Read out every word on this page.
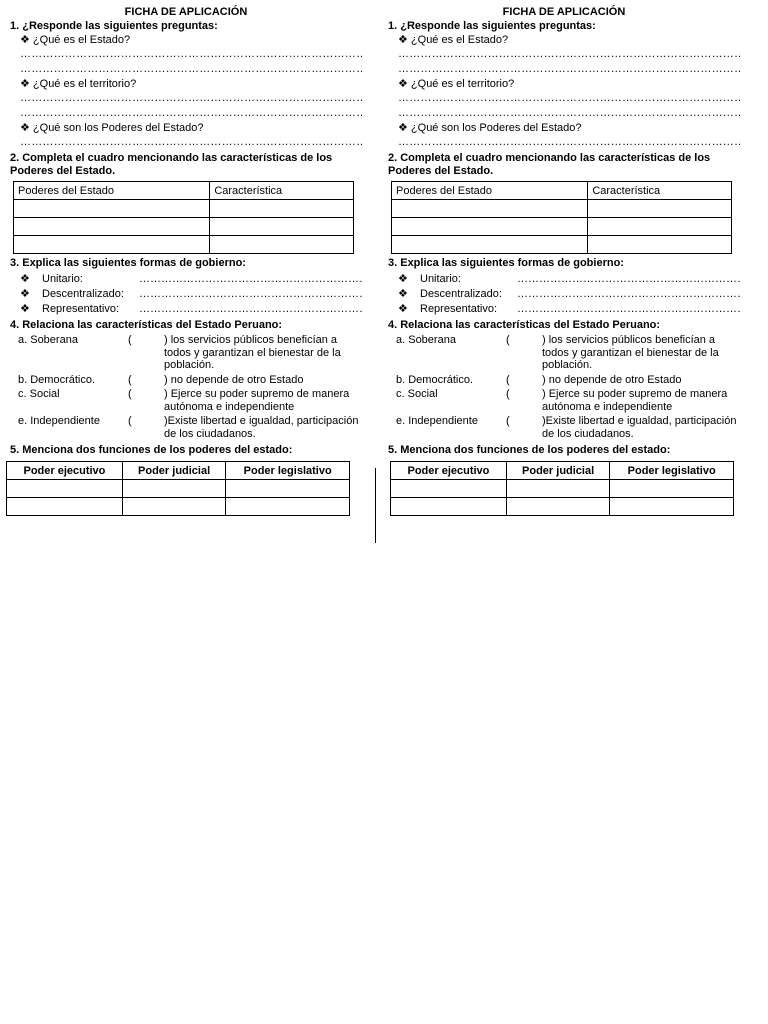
FICHA DE APLICACIÓN
1. ¿Responde las siguientes preguntas:
❖ ¿Qué es el Estado?
……………………………………………………………………………………………………………………
……………………………………………………………………………………………………………………
❖ ¿Qué es el territorio?
……………………………………………………………………………………………………………………
……………………………………………………………………………………………………………………
❖ ¿Qué son los Poderes del Estado?
……………………………………………………………………………………………………………………
2. Completa el cuadro mencionando las características de los Poderes del Estado.
Poderes del Estado	Característica

3. Explica las siguientes formas de gobierno:
❖	Unitario:
………………………………………………………………………………………………
❖	Descentralizado:
………………………………………………………………………………………………
❖	Representativo:
………………………………………………………………………………………………
4. Relaciona las características del Estado Peruano:
a. Soberana	(	) los servicios públicos beneficían a todos y garantizan el bienestar de la población.
b. Democrático.	(	) no depende de otro Estado
c. Social	(	) Ejerce su poder supremo de manera autónoma e independiente
e. Independiente	(	)Existe libertad e igualdad, participación de los ciudadanos.
5. Menciona dos funciones de los poderes del estado:
Poder ejecutivo	Poder judicial	Poder legislativo

FICHA DE APLICACIÓN
1. ¿Responde las siguientes preguntas:
❖ ¿Qué es el Estado?
……………………………………………………………………………………………………………………
……………………………………………………………………………………………………………………
❖ ¿Qué es el territorio?
……………………………………………………………………………………………………………………
……………………………………………………………………………………………………………………
❖ ¿Qué son los Poderes del Estado?
……………………………………………………………………………………………………………………
2. Completa el cuadro mencionando las características de los Poderes del Estado.
Poderes del Estado	Característica

3. Explica las siguientes formas de gobierno:
❖	Unitario:
………………………………………………………………………………………………
❖	Descentralizado:
………………………………………………………………………………………………
❖	Representativo:
………………………………………………………………………………………………
4. Relaciona las características del Estado Peruano:
a. Soberana	(	) los servicios públicos beneficían a todos y garantizan el bienestar de la población.
b. Democrático.	(	) no depende de otro Estado
c. Social	(	) Ejerce su poder supremo de manera autónoma e independiente
e. Independiente	(	)Existe libertad e igualdad, participación de los ciudadanos.
5. Menciona dos funciones de los poderes del estado:
Poder ejecutivo	Poder judicial	Poder legislativo
